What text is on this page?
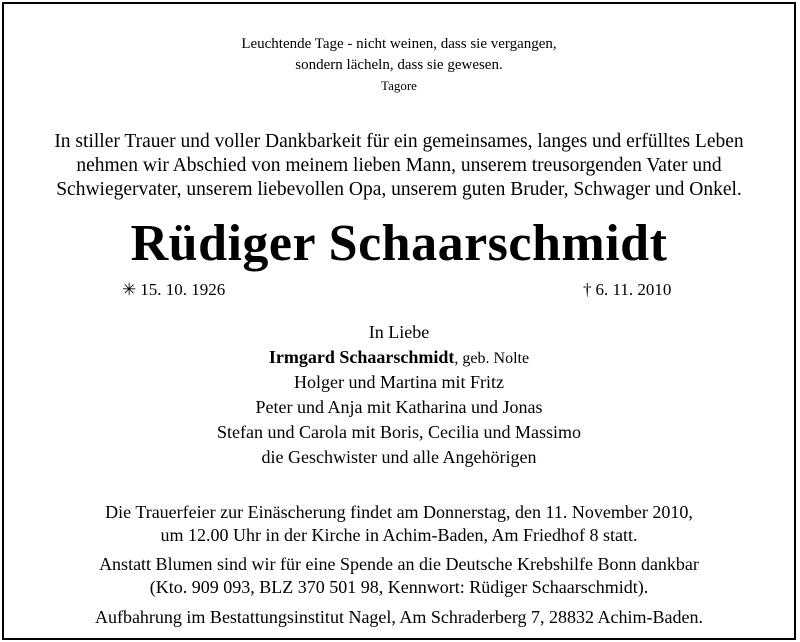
Leuchtende Tage - nicht weinen, dass sie vergangen,
sondern lächeln, dass sie gewesen.
Tagore
In stiller Trauer und voller Dankbarkeit für ein gemeinsames, langes und erfülltes Leben
nehmen wir Abschied von meinem lieben Mann, unserem treusorgenden Vater und
Schwiegervater, unserem liebevollen Opa, unserem guten Bruder, Schwager und Onkel.
Rüdiger Schaarschmidt
✳ 15. 10. 1926	† 6. 11. 2010
In Liebe
Irmgard Schaarschmidt, geb. Nolte
Holger und Martina mit Fritz
Peter und Anja mit Katharina und Jonas
Stefan und Carola mit Boris, Cecilia und Massimo
die Geschwister und alle Angehörigen
Die Trauerfeier zur Einäscherung findet am Donnerstag, den 11. November 2010,
um 12.00 Uhr in der Kirche in Achim-Baden, Am Friedhof 8 statt.
Anstatt Blumen sind wir für eine Spende an die Deutsche Krebshilfe Bonn dankbar
(Kto. 909 093, BLZ 370 501 98, Kennwort: Rüdiger Schaarschmidt).
Aufbahrung im Bestattungsinstitut Nagel, Am Schraderberg 7, 28832 Achim-Baden.
